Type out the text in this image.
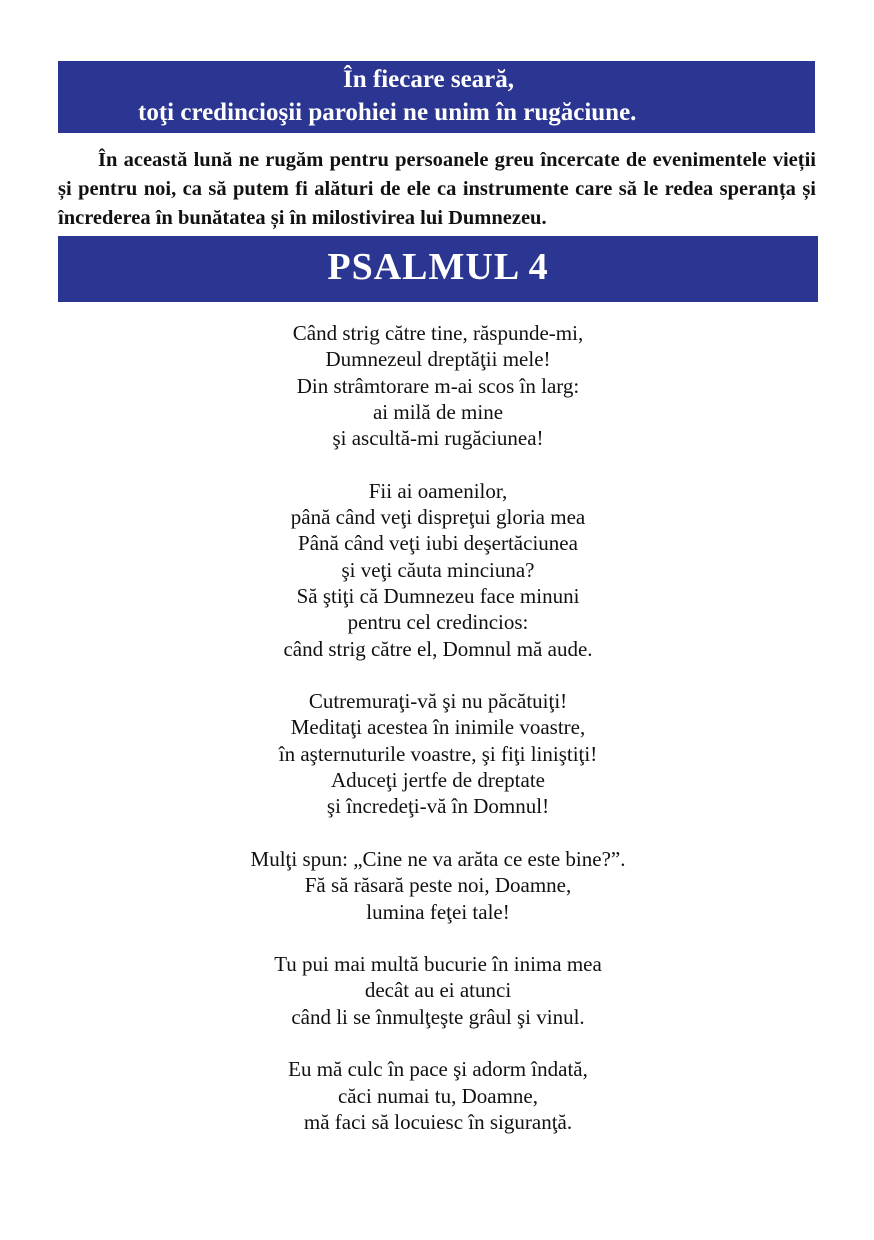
În fiecare seară,
toţi credincioşii parohiei ne unim în rugăciune.

În această lună ne rugăm pentru persoanele greu încercate de evenimentele vieții și pentru noi, ca să putem fi alături de ele ca instrumente care să le redea speranța și încrederea în bunătatea și în milostivirea lui Dumnezeu.

PSALMUL 4
Când strig către tine, răspunde-mi,
Dumnezeul dreptăţii mele!
Din strâmtorare m-ai scos în larg:
ai milă de mine
şi ascultă-mi rugăciunea!
Fii ai oamenilor,
până când veţi dispreţui gloria mea
Până când veţi iubi deşertăciunea
şi veţi căuta minciuna?
Să ştiţi că Dumnezeu face minuni
pentru cel credincios:
când strig către el, Domnul mă aude.
Cutremuraţi-vă şi nu păcătuiţi!
Meditaţi acestea în inimile voastre,
în aşternuturile voastre, şi fiţi liniştiţi!
Aduceţi jertfe de dreptate
şi încredeţi-vă în Domnul!
Mulţi spun: „Cine ne va arăta ce este bine?”.
Fă să răsară peste noi, Doamne,
lumina feţei tale!
Tu pui mai multă bucurie în inima mea
decât au ei atunci
când li se înmulţeşte grâul şi vinul.
Eu mă culc în pace şi adorm îndată,
căci numai tu, Doamne,
mă faci să locuiesc în siguranţă.
